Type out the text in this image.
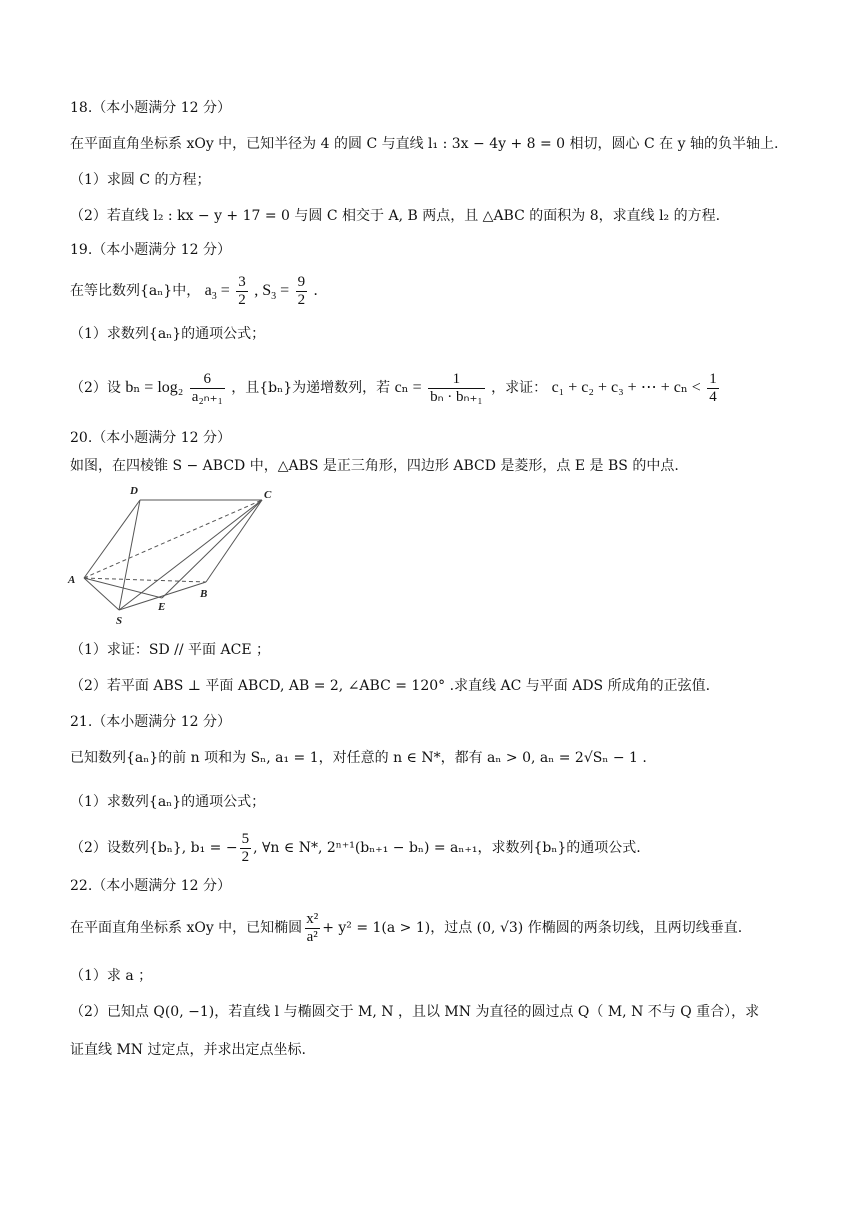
18.（本小题满分 12 分）
在平面直角坐标系 xOy 中，已知半径为 4 的圆 C 与直线 l₁ : 3x − 4y + 8 = 0 相切，圆心 C 在 y 轴的负半轴上.
（1）求圆 C 的方程；
（2）若直线 l₂ : kx − y + 17 = 0 与圆 C 相交于 A, B 两点，且 △ABC 的面积为 8，求直线 l₂ 的方程.
19.（本小题满分 12 分）
在等比数列{aₙ}中， $a_3 = \frac{3}{2}$ , $S_3 = \frac{9}{2}$ .
（1）求数列{aₙ}的通项公式；
（2）设 $b_n = \log_2 \frac{6}{\text{a₂ₙ₊₁}}$ ，且{bₙ}为递增数列，若 $c_n = \frac{1}{\text{bₙ · bₙ₊₁}}$ ，求证： c₁ + c₂ + c₃ + ⋯ + $c_n < \frac{1}{4}$
20.（本小题满分 12 分）
如图，在四棱锥 S − ABCD 中，△ABS 是正三角形，四边形 ABCD 是菱形，点 E 是 BS 的中点.
D	C
A
B
E
S
（1）求证：SD // 平面 ACE ；
（2）若平面 ABS ⊥ 平面 ABCD, AB = 2, ∠ABC = 120° .求直线 AC 与平面 ADS 所成角的正弦值.
21.（本小题满分 12 分）
已知数列{aₙ}的前 n 项和为 Sₙ, a₁ = 1，对任意的 n ∈ N*，都有 aₙ > 0, aₙ = 2√Sₙ − 1 .
（1）求数列{aₙ}的通项公式；
（2）设数列{bₙ}, b₁ = − $\frac{5}{2}$ , ∀n ∈ N*, 2ⁿ⁺¹(bₙ₊₁ − bₙ) = aₙ₊₁，求数列{bₙ}的通项公式.
22.（本小题满分 12 分）
在平面直角坐标系 xOy 中，已知椭圆 $\frac{\text{x²}}{\text{a²}} + y^2 = 1(a > 1)$，过点 (0, √3) 作椭圆的两条切线，且两切线垂直.
（1）求 a ；
（2）已知点 Q(0, −1)，若直线 l 与椭圆交于 M, N ，且以 MN 为直径的圆过点 Q（ M, N 不与 Q 重合），求
证直线 MN 过定点，并求出定点坐标.
